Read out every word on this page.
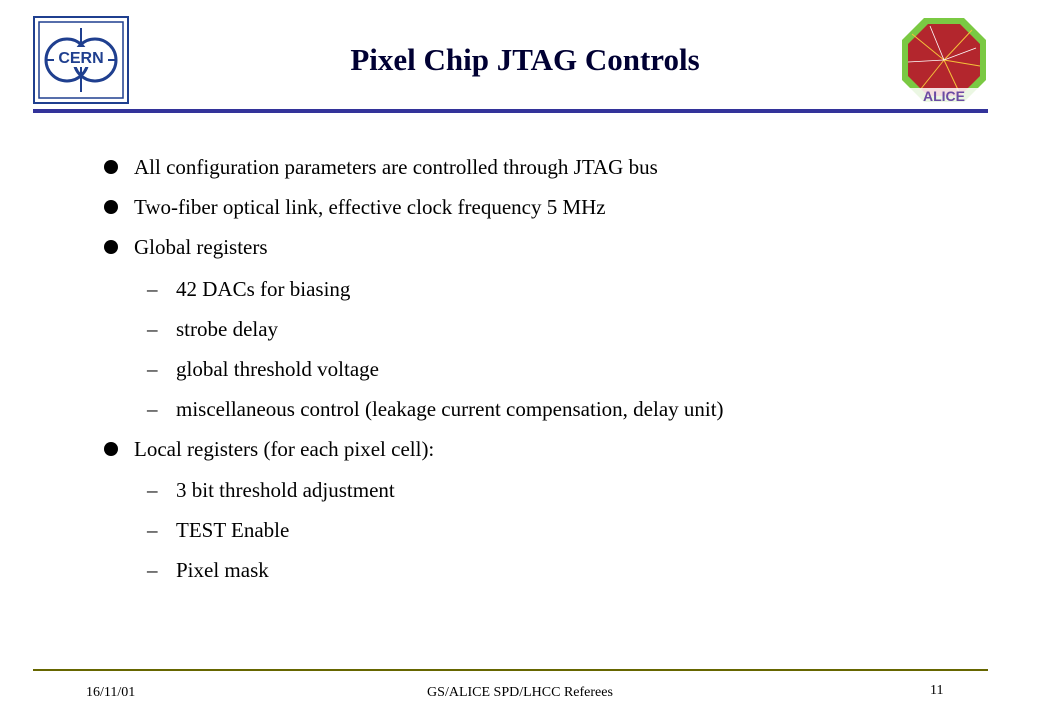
CERN	Pixel Chip JTAG Controls
ALICE
All configuration parameters are controlled through JTAG bus
Two-fiber optical link, effective clock frequency 5 MHz
Global registers
– 42 DACs for biasing
– strobe delay
– global threshold voltage
– miscellaneous control (leakage current compensation, delay unit)
Local registers (for each pixel cell):
– 3 bit threshold adjustment
– TEST Enable
– Pixel mask
16/11/01	GS/ALICE SPD/LHCC Referees	11
